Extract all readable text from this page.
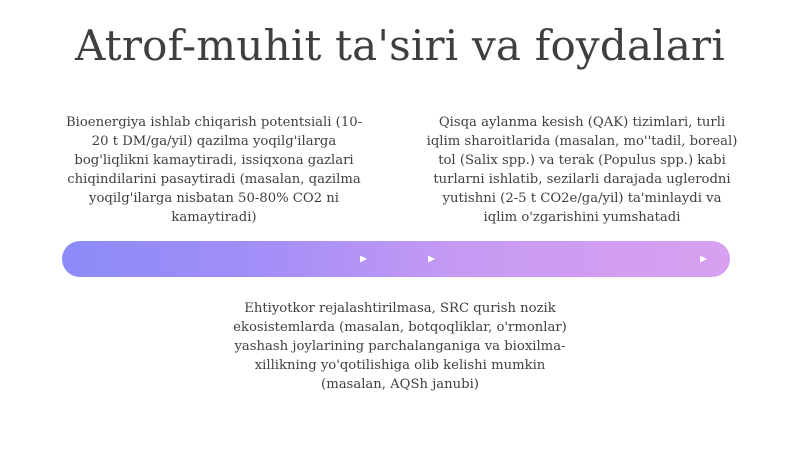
Atrof-muhit ta'siri va foydalari
Bioenergiya ishlab chiqarish potentsiali (10-20 t DM/ga/yil) qazilma yoqilg'ilarga bog'liqlikni kamaytiradi, issiqxona gazlari chiqindilarini pasaytiradi (masalan, qazilma yoqilg'ilarga nisbatan 50-80% CO2 ni kamaytiradi)
Qisqa aylanma kesish (QAK) tizimlari, turli iqlim sharoitlarida (masalan, mo''tadil, boreal) tol (Salix spp.) va terak (Populus spp.) kabi turlarni ishlatib, sezilarli darajada uglerodni yutishni (2-5 t CO2e/ga/yil) ta'minlaydi va iqlim o'zgarishini yumshatadi
Ehtiyotkor rejalashtirilmasa, SRC qurish nozik ekosistemlarda (masalan, botqoqliklar, o'rmonlar) yashash joylarining parchalanganiga va bioxilma-xillikning yo'qotilishiga olib kelishi mumkin (masalan, AQSh janubi)
